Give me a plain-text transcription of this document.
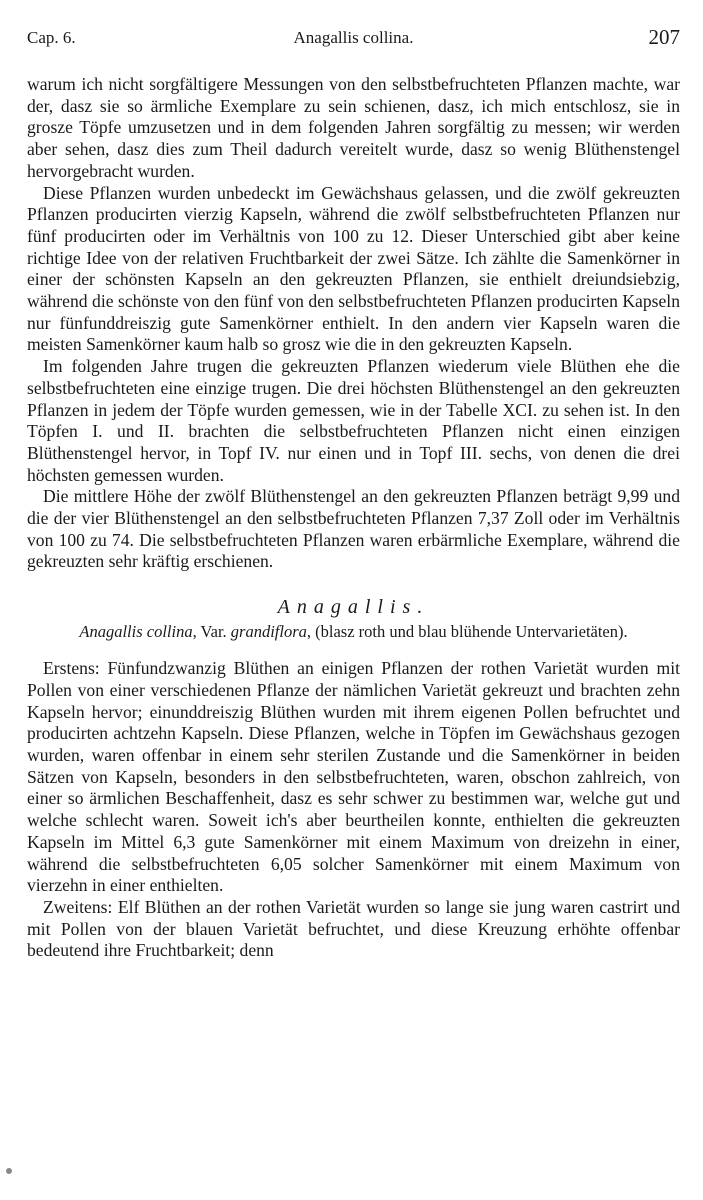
Cap. 6.	Anagallis collina.	207

warum ich nicht sorgfältigere Messungen von den selbstbefruchteten Pflanzen machte, war der, dasz sie so ärmliche Exemplare zu sein schienen, dasz, ich mich entschlosz, sie in grosze Töpfe umzusetzen und in dem folgenden Jahren sorgfältig zu messen; wir werden aber sehen, dasz dies zum Theil dadurch vereitelt wurde, dasz so wenig Blüthenstengel hervorgebracht wurden.

Diese Pflanzen wurden unbedeckt im Gewächshaus gelassen, und die zwölf gekreuzten Pflanzen producirten vierzig Kapseln, während die zwölf selbstbefruchteten Pflanzen nur fünf producirten oder im Verhältnis von 100 zu 12. Dieser Unterschied gibt aber keine richtige Idee von der relativen Fruchtbarkeit der zwei Sätze. Ich zählte die Samenkörner in einer der schönsten Kapseln an den gekreuzten Pflanzen, sie enthielt dreiundsiebzig, während die schönste von den fünf von den selbstbefruchteten Pflanzen producirten Kapseln nur fünfunddreiszig gute Samenkörner enthielt. In den andern vier Kapseln waren die meisten Samenkörner kaum halb so grosz wie die in den gekreuzten Kapseln.

Im folgenden Jahre trugen die gekreuzten Pflanzen wiederum viele Blüthen ehe die selbstbefruchteten eine einzige trugen. Die drei höchsten Blüthenstengel an den gekreuzten Pflanzen in jedem der Töpfe wurden gemessen, wie in der Tabelle XCI. zu sehen ist. In den Töpfen I. und II. brachten die selbstbefruchteten Pflanzen nicht einen einzigen Blüthenstengel hervor, in Topf IV. nur einen und in Topf III. sechs, von denen die drei höchsten gemessen wurden.

Die mittlere Höhe der zwölf Blüthenstengel an den gekreuzten Pflanzen beträgt 9,99 und die der vier Blüthenstengel an den selbstbefruchteten Pflanzen 7,37 Zoll oder im Verhältnis von 100 zu 74. Die selbstbefruchteten Pflanzen waren erbärmliche Exemplare, während die gekreuzten sehr kräftig erschienen.

Anagallis.

Anagallis collina, Var. grandiflora, (blasz roth und blau blühende Untervarietäten).

Erstens: Fünfundzwanzig Blüthen an einigen Pflanzen der rothen Varietät wurden mit Pollen von einer verschiedenen Pflanze der nämlichen Varietät gekreuzt und brachten zehn Kapseln hervor; einunddreiszig Blüthen wurden mit ihrem eigenen Pollen befruchtet und producirten achtzehn Kapseln. Diese Pflanzen, welche in Töpfen im Gewächshaus gezogen wurden, waren offenbar in einem sehr sterilen Zustande und die Samenkörner in beiden Sätzen von Kapseln, besonders in den selbstbefruchteten, waren, obschon zahlreich, von einer so ärmlichen Beschaffenheit, dasz es sehr schwer zu bestimmen war, welche gut und welche schlecht waren. Soweit ich's aber beurtheilen konnte, enthielten die gekreuzten Kapseln im Mittel 6,3 gute Samenkörner mit einem Maximum von dreizehn in einer, während die selbstbefruchteten 6,05 solcher Samenkörner mit einem Maximum von vierzehn in einer enthielten.

Zweitens: Elf Blüthen an der rothen Varietät wurden so lange sie jung waren castrirt und mit Pollen von der blauen Varietät befruchtet, und diese Kreuzung erhöhte offenbar bedeutend ihre Fruchtbarkeit; denn
